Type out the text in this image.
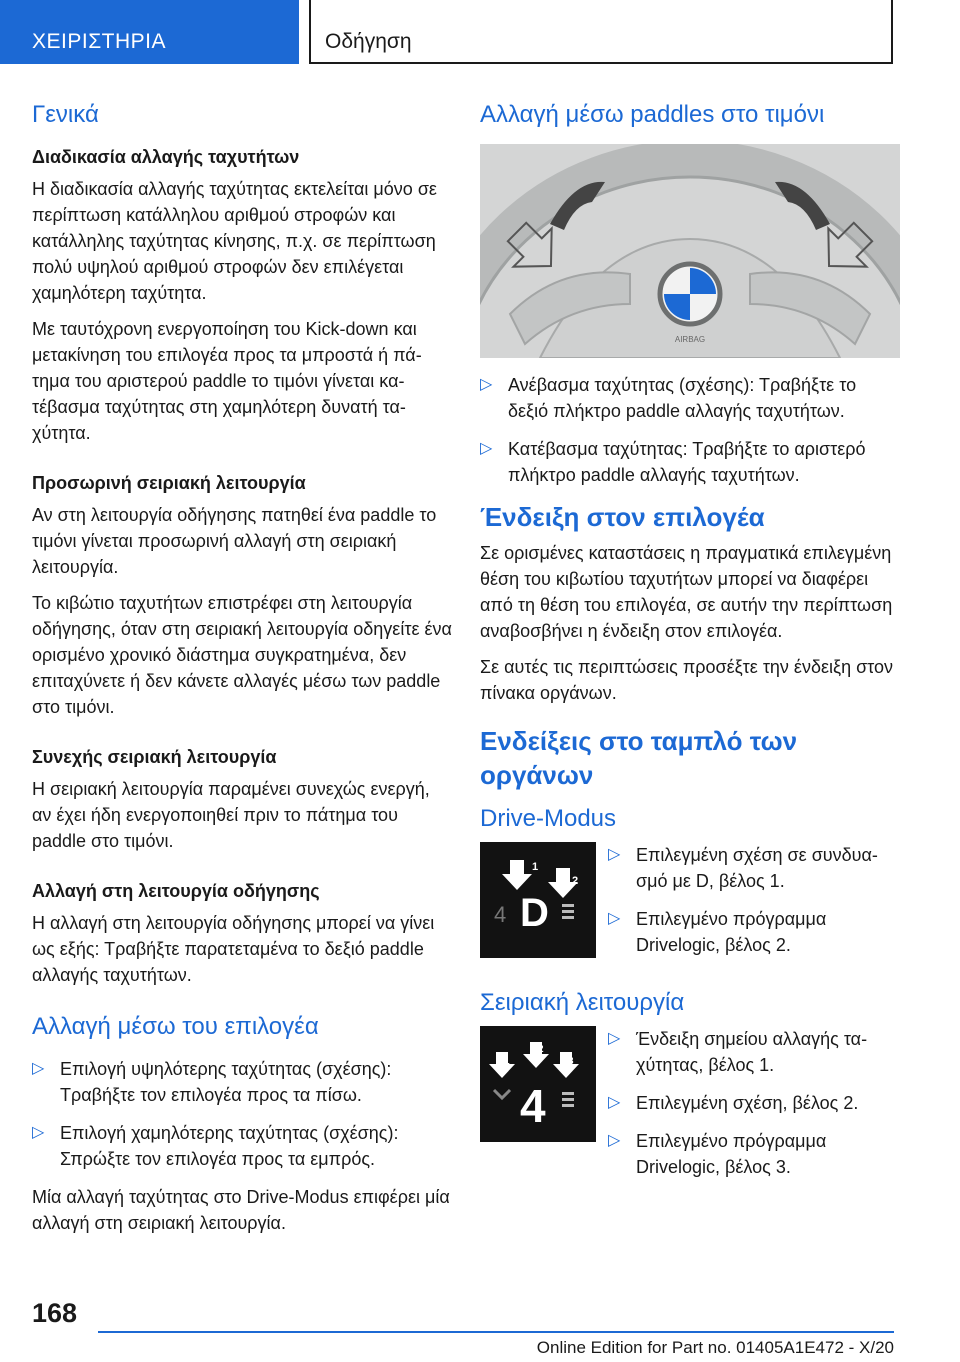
ΧΕΙΡΙΣΤΗΡΙΑ	Οδήγηση
Γενικά
Διαδικασία αλλαγής ταχυτήτων

Η διαδικασία αλλαγής ταχύτητας εκτελείται μόνο σε περίπτωση κατάλληλου αριθμού στροφών και κατάλληλης ταχύτητας κίνησης, π.χ. σε περίπτωση πολύ υψηλού αριθμού στροφών δεν επιλέγεται χαμηλότερη ταχύτητα.

Με ταυτόχρονη ενεργοποίηση του Kick-down και μετακίνηση του επιλογέα προς τα μπροστά ή πάτημα του αριστερού paddle το τιμόνι γίνεται κατέβασμα ταχύτητας στη χαμηλότερη δυνατή ταχύτητα.

Προσωρινή σειριακή λειτουργία

Αν στη λειτουργία οδήγησης πατηθεί ένα paddle το τιμόνι γίνεται προσωρινή αλλαγή στη σειριακή λειτουργία.

Το κιβώτιο ταχυτήτων επιστρέφει στη λειτουργία οδήγησης, όταν στη σειριακή λειτουργία οδηγείτε ένα ορισμένο χρονικό διάστημα συγκρατημένα, δεν επιταχύνετε ή δεν κάνετε αλλαγές μέσω των paddle στο τιμόνι.

Συνεχής σειριακή λειτουργία

Η σειριακή λειτουργία παραμένει συνεχώς ενεργή, αν έχει ήδη ενεργοποιηθεί πριν το πάτημα του paddle στο τιμόνι.

Αλλαγή στη λειτουργία οδήγησης

Η αλλαγή στη λειτουργία οδήγησης μπορεί να γίνει ως εξής: Τραβήξτε παρατεταμένα το δεξιό paddle αλλαγής ταχυτήτων.

Αλλαγή μέσω του επιλογέα
▷ Επιλογή υψηλότερης ταχύτητας (σχέσης): Τραβήξτε τον επιλογέα προς τα πίσω.
▷ Επιλογή χαμηλότερης ταχύτητας (σχέσης): Σπρώξτε τον επιλογέα προς τα εμπρός.

Μία αλλαγή ταχύτητας στο Drive-Modus επιφέρει μία αλλαγή στη σειριακή λειτουργία.

Αλλαγή μέσω paddles στο τιμόνι
AIRBAG
▷ Ανέβασμα ταχύτητας (σχέσης): Τραβήξτε το δεξιό πλήκτρο paddle αλλαγής ταχυτήτων.
▷ Κατέβασμα ταχύτητας: Τραβήξτε το αριστερό πλήκτρο paddle αλλαγής ταχυτήτων.
Ένδειξη στον επιλογέα

Σε ορισμένες καταστάσεις η πραγματικά επιλεγμένη θέση του κιβωτίου ταχυτήτων μπορεί να διαφέρει από τη θέση του επιλογέα, σε αυτήν την περίπτωση αναβοσβήνει η ένδειξη στον επιλογέα.

Σε αυτές τις περιπτώσεις προσέξτε την ένδειξη στον πίνακα οργάνων.

Ενδείξεις στο ταμπλό των οργάνων
Drive-Modus
4 D
1
2
▷ Επιλεγμένη σχέση σε συνδυασμό με D, βέλος 1.
▷ Επιλεγμένο πρόγραμμα Drivelogic, βέλος 2.
Σειριακή λειτουργία
1
2
3
4
▷ Ένδειξη σημείου αλλαγής ταχύτητας, βέλος 1.
▷ Επιλεγμένη σχέση, βέλος 2.
▷ Επιλεγμένο πρόγραμμα Drivelogic, βέλος 3.
168
Online Edition for Part no. 01405A1E472 - X/20
